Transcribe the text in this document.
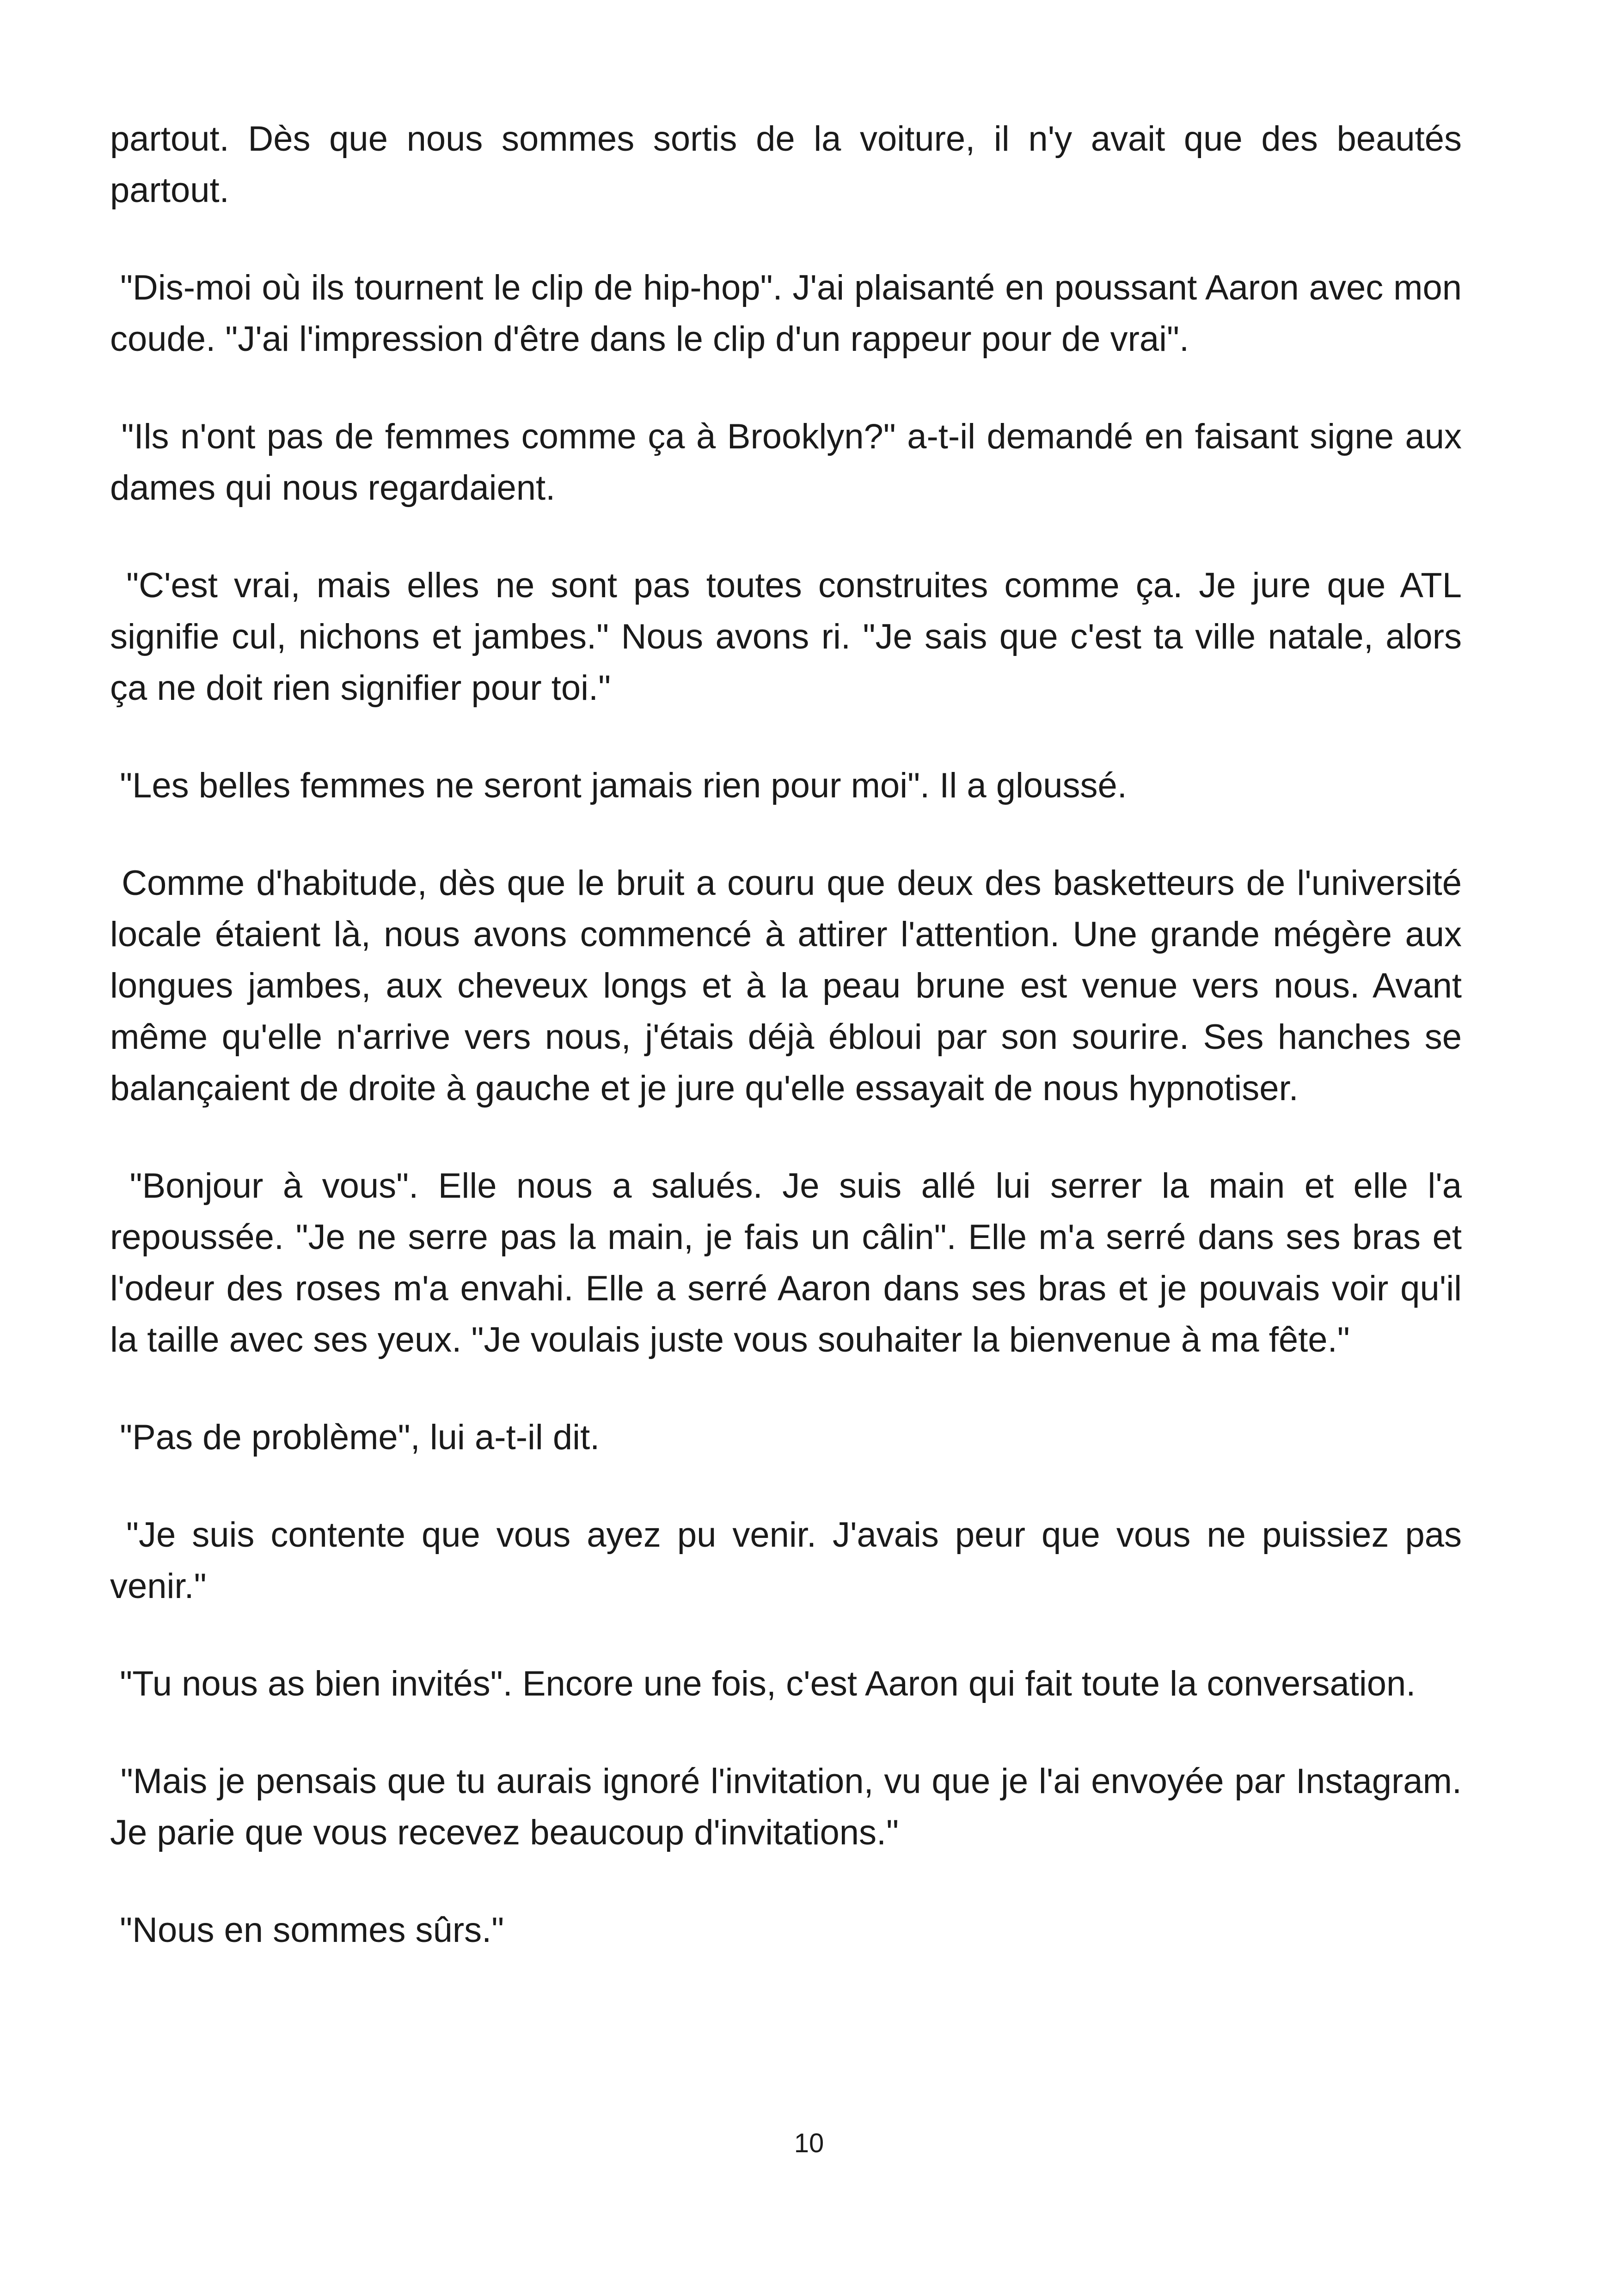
partout. Dès que nous sommes sortis de la voiture, il n'y avait que des beautés partout.

"Dis-moi où ils tournent le clip de hip-hop". J'ai plaisanté en poussant Aaron avec mon coude. "J'ai l'impression d'être dans le clip d'un rappeur pour de vrai".

"Ils n'ont pas de femmes comme ça à Brooklyn?" a-t-il demandé en faisant signe aux dames qui nous regardaient.

"C'est vrai, mais elles ne sont pas toutes construites comme ça. Je jure que ATL signifie cul, nichons et jambes." Nous avons ri. "Je sais que c'est ta ville natale, alors ça ne doit rien signifier pour toi."

"Les belles femmes ne seront jamais rien pour moi". Il a gloussé.

Comme d'habitude, dès que le bruit a couru que deux des basketteurs de l'université locale étaient là, nous avons commencé à attirer l'attention. Une grande mégère aux longues jambes, aux cheveux longs et à la peau brune est venue vers nous. Avant même qu'elle n'arrive vers nous, j'étais déjà ébloui par son sourire. Ses hanches se balançaient de droite à gauche et je jure qu'elle essayait de nous hypnotiser.

"Bonjour à vous". Elle nous a salués. Je suis allé lui serrer la main et elle l'a repoussée. "Je ne serre pas la main, je fais un câlin". Elle m'a serré dans ses bras et l'odeur des roses m'a envahi. Elle a serré Aaron dans ses bras et je pouvais voir qu'il la taille avec ses yeux. "Je voulais juste vous souhaiter la bienvenue à ma fête."

"Pas de problème", lui a-t-il dit.

"Je suis contente que vous ayez pu venir. J'avais peur que vous ne puissiez pas venir."

"Tu nous as bien invités". Encore une fois, c'est Aaron qui fait toute la conversation.

"Mais je pensais que tu aurais ignoré l'invitation, vu que je l'ai envoyée par Instagram. Je parie que vous recevez beaucoup d'invitations."

"Nous en sommes sûrs."

10
